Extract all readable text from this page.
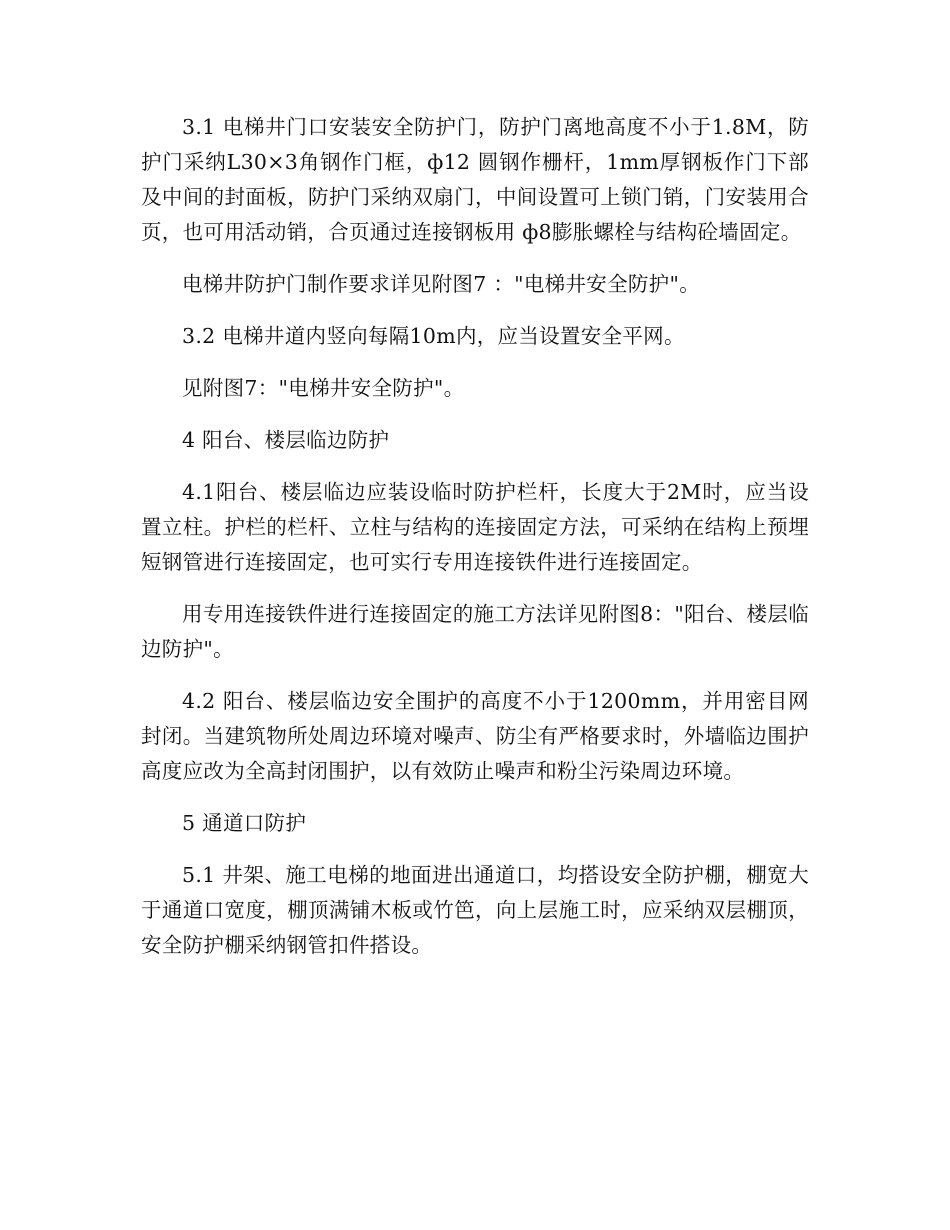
3.1 电梯井门口安装安全防护门，防护门离地高度不小于1.8M，防护门采纳L30×3角钢作门框，ф12 圆钢作栅杆，1mm厚钢板作门下部及中间的封面板，防护门采纳双扇门，中间设置可上锁门销，门安装用合页，也可用活动销，合页通过连接钢板用 ф8膨胀螺栓与结构砼墙固定。

电梯井防护门制作要求详见附图7 ："电梯井安全防护"。

3.2 电梯井道内竖向每隔10m内，应当设置安全平网。

见附图7："电梯井安全防护"。

4 阳台、楼层临边防护

4.1阳台、楼层临边应装设临时防护栏杆，长度大于2M时，应当设置立柱。护栏的栏杆、立柱与结构的连接固定方法，可采纳在结构上预埋短钢管进行连接固定，也可实行专用连接铁件进行连接固定。

用专用连接铁件进行连接固定的施工方法详见附图8："阳台、楼层临边防护"。

4.2 阳台、楼层临边安全围护的高度不小于1200mm，并用密目网封闭。当建筑物所处周边环境对噪声、防尘有严格要求时，外墙临边围护高度应改为全高封闭围护，以有效防止噪声和粉尘污染周边环境。

5 通道口防护

5.1 井架、施工电梯的地面进出通道口，均搭设安全防护棚，棚宽大于通道口宽度，棚顶满铺木板或竹笆，向上层施工时，应采纳双层棚顶，安全防护棚采纳钢管扣件搭设。
